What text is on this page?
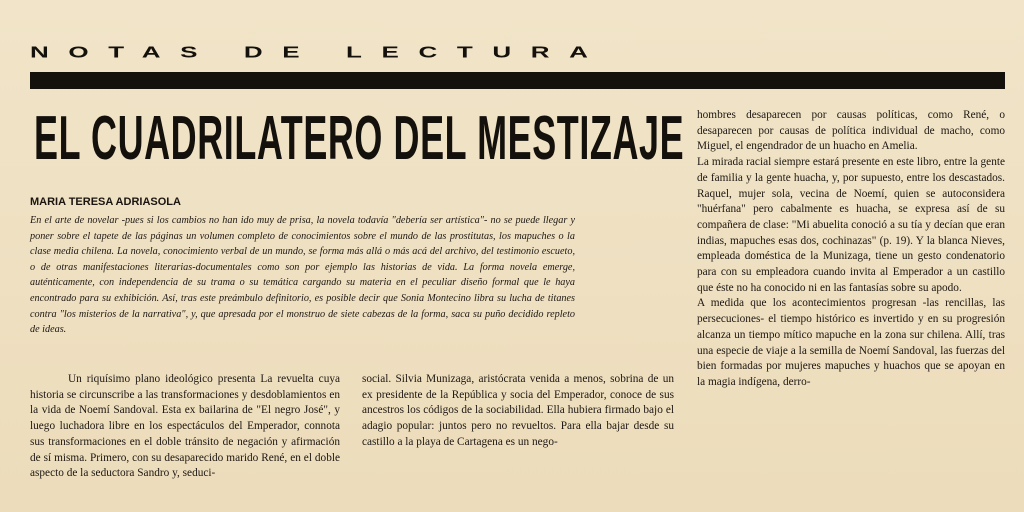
NOTAS DE LECTURA
EL CUADRILATERO DEL MESTIZAJE
MARIA TERESA ADRIASOLA
En el arte de novelar -pues si los cambios no han ido muy de prisa, la novela todavía "debería ser artística"- no se puede llegar y poner sobre el tapete de las páginas un volumen completo de conocimientos sobre el mundo de las prostitutas, los mapuches o la clase media chilena. La novela, conocimiento verbal de un mundo, se forma más allá o más acá del archivo, del testimonio escueto, o de otras manifestaciones literarias-documentales como son por ejemplo las historias de vida. La forma novela emerge, auténticamente, con independencia de su trama o su temática cargando su materia en el peculiar diseño formal que le haya encontrado para su exhibición. Así, tras este preámbulo definitorio, es posible decir que Sonia Montecino libra su lucha de titanes contra "los misterios de la narrativa", y, que apresada por el monstruo de siete cabezas de la forma, saca su puño decidido repleto de ideas.

Un riquísimo plano ideológico presenta La revuelta cuya historia se circunscribe a las transformaciones y desdoblamientos en la vida de Noemí Sandoval. Esta ex bailarina de "El negro José", y luego luchadora libre en los espectáculos del Emperador, connota sus transformaciones en el doble tránsito de negación y afirmación de sí misma. Primero, con su desaparecido marido René, en el doble aspecto de la seductora Sandro y, seduci-

social. Silvia Munizaga, aristócrata venida a menos, sobrina de un ex presidente de la República y socia del Emperador, conoce de sus ancestros los códigos de la sociabilidad. Ella hubiera firmado bajo el adagio popular: juntos pero no revueltos. Para ella bajar desde su castillo a la playa de Cartagena es un nego-

hombres desaparecen por causas políticas, como René, o desaparecen por causas de política individual de macho, como Miguel, el engendrador de un huacho en Amelia.

La mirada racial siempre estará presente en este libro, entre la gente de familia y la gente huacha, y, por supuesto, entre los descastados. Raquel, mujer sola, vecina de Noemí, quien se autoconsidera "huérfana" pero cabalmente es huacha, se expresa así de su compañera de clase: "Mi abuelita conoció a su tía y decían que eran indias, mapuches esas dos, cochinazas" (p. 19). Y la blanca Nieves, empleada doméstica de la Munizaga, tiene un gesto condenatorio para con su empleadora cuando invita al Emperador a un castillo que éste no ha conocido ni en las fantasías sobre su apodo.

A medida que los acontecimientos progresan -las rencillas, las persecuciones- el tiempo histórico es invertido y en su progresión alcanza un tiempo mítico mapuche en la zona sur chilena. Allí, tras una especie de viaje a la semilla de Noemí Sandoval, las fuerzas del bien formadas por mujeres mapuches y huachos que se apoyan en la magia indígena, derro-
